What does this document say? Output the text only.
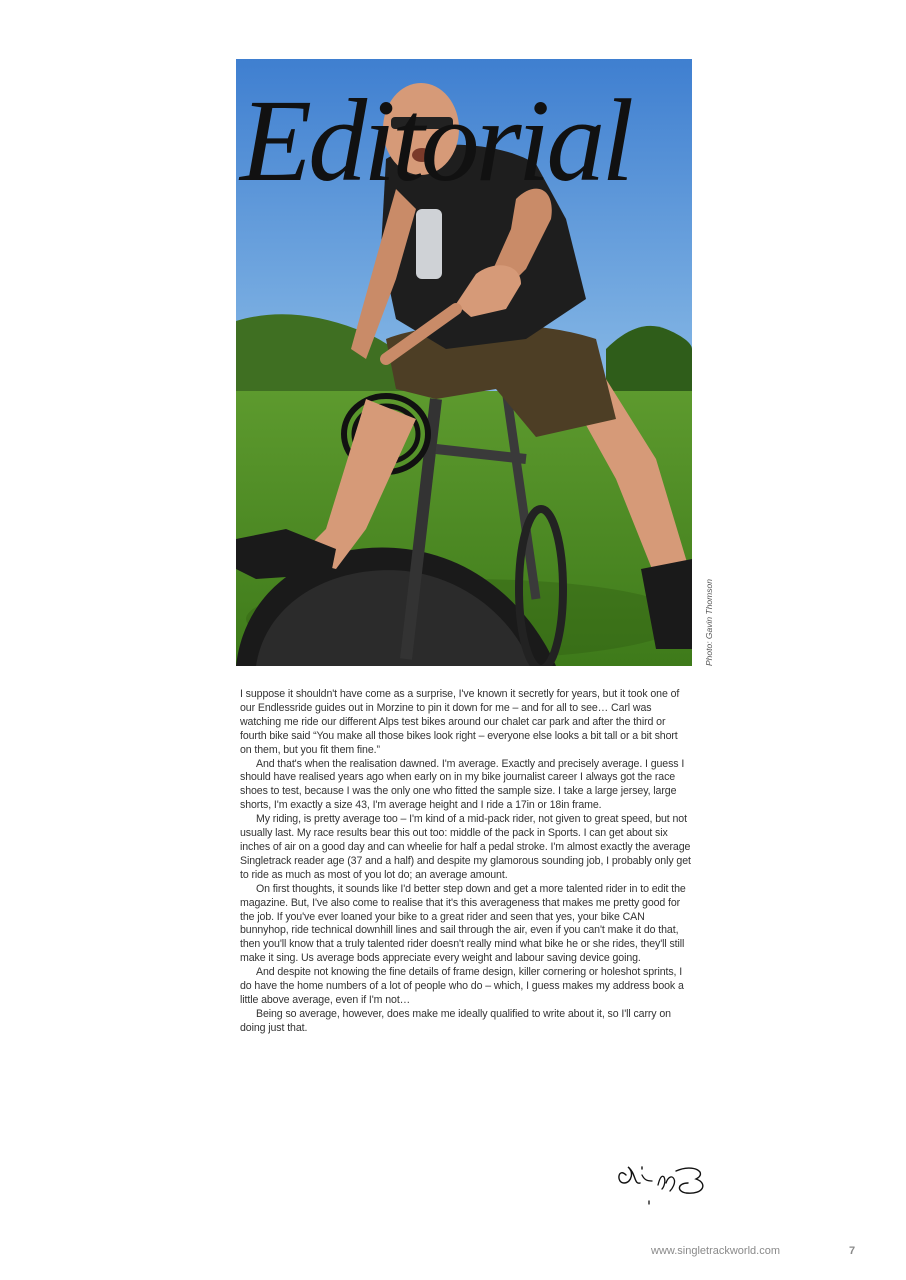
Editorial
Photo: Gavin Thomson

I suppose it shouldn't have come as a surprise, I've known it secretly for years, but it took one of our Endlessride guides out in Morzine to pin it down for me – and for all to see… Carl was watching me ride our different Alps test bikes around our chalet car park and after the third or fourth bike said “You make all those bikes look right – everyone else looks a bit tall or a bit short on them, but you fit them fine.”

And that's when the realisation dawned. I'm average. Exactly and precisely average. I guess I should have realised years ago when early on in my bike journalist career I always got the race shoes to test, because I was the only one who fitted the sample size. I take a large jersey, large shorts, I'm exactly a size 43, I'm average height and I ride a 17in or 18in frame.

My riding, is pretty average too – I'm kind of a mid-pack rider, not given to great speed, but not usually last. My race results bear this out too: middle of the pack in Sports. I can get about six inches of air on a good day and can wheelie for half a pedal stroke. I'm almost exactly the average Singletrack reader age (37 and a half) and despite my glamorous sounding job, I probably only get to ride as much as most of you lot do; an average amount.

On first thoughts, it sounds like I'd better step down and get a more talented rider in to edit the magazine. But, I've also come to realise that it's this averageness that makes me pretty good for the job. If you've ever loaned your bike to a great rider and seen that yes, your bike CAN bunnyhop, ride technical downhill lines and sail through the air, even if you can't make it do that, then you'll know that a truly talented rider doesn't really mind what bike he or she rides, they'll still make it sing. Us average bods appreciate every weight and labour saving device going.

And despite not knowing the fine details of frame design, killer cornering or holeshot sprints, I do have the home numbers of a lot of people who do – which, I guess makes my address book a little above average, even if I'm not…

Being so average, however, does make me ideally qualified to write about it, so I'll carry on doing just that.

www.singletrackworld.com	7
